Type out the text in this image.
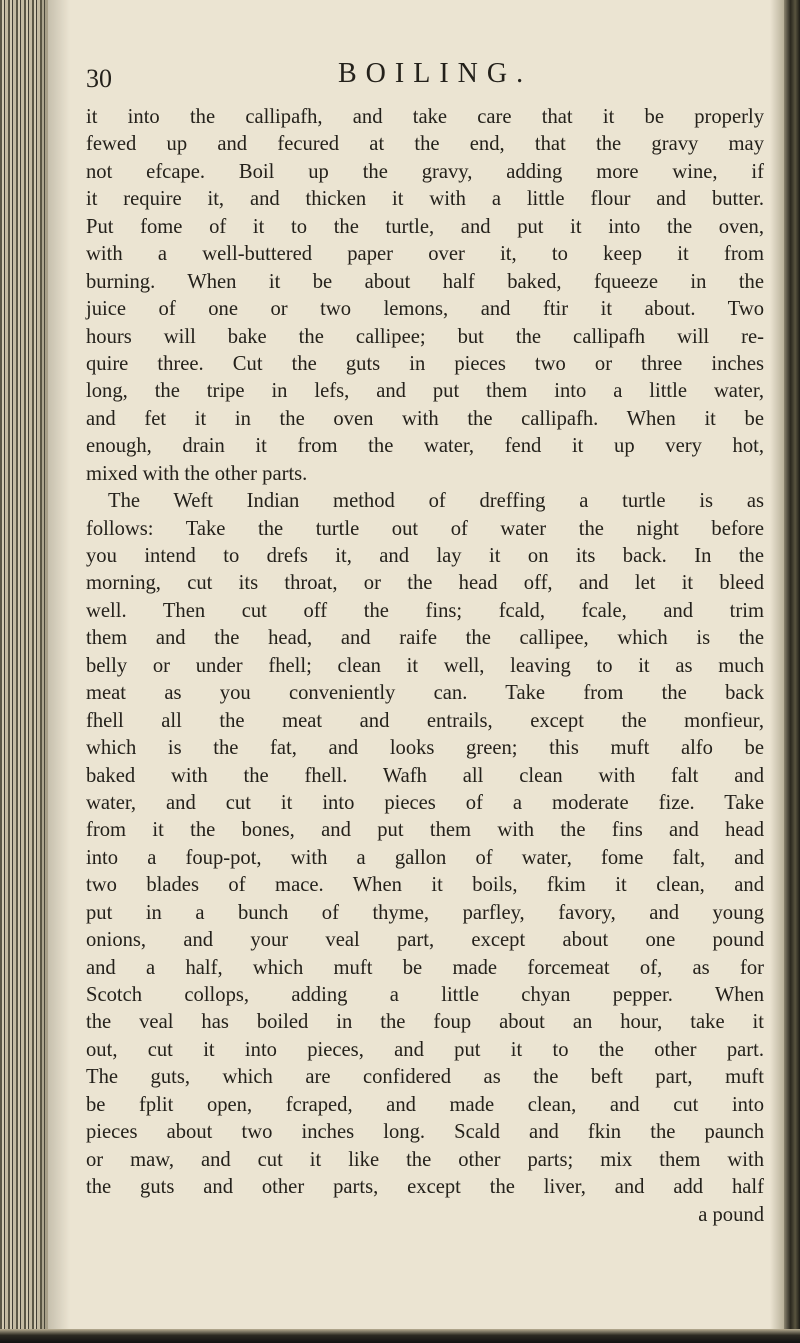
30	BOILING.
it into the callipafh, and take care that it be properly
fewed up and fecured at the end, that the gravy may
not efcape. Boil up the gravy, adding more wine, if
it require it, and thicken it with a little flour and butter.
Put fome of it to the turtle, and put it into the oven,
with a well-buttered paper over it, to keep it from
burning. When it be about half baked, fqueeze in the
juice of one or two lemons, and ftir it about. Two
hours will bake the callipee; but the callipafh will re-
quire three. Cut the guts in pieces two or three inches
long, the tripe in lefs, and put them into a little water,
and fet it in the oven with the callipafh. When it be
enough, drain it from the water, fend it up very hot,
mixed with the other parts.
The Weft Indian method of dreffing a turtle is as
follows: Take the turtle out of water the night before
you intend to drefs it, and lay it on its back. In the
morning, cut its throat, or the head off, and let it bleed
well. Then cut off the fins; fcald, fcale, and trim
them and the head, and raife the callipee, which is the
belly or under fhell; clean it well, leaving to it as much
meat as you conveniently can. Take from the back
fhell all the meat and entrails, except the monfieur,
which is the fat, and looks green; this muft alfo be
baked with the fhell. Wafh all clean with falt and
water, and cut it into pieces of a moderate fize. Take
from it the bones, and put them with the fins and head
into a foup-pot, with a gallon of water, fome falt, and
two blades of mace. When it boils, fkim it clean, and
put in a bunch of thyme, parfley, favory, and young
onions, and your veal part, except about one pound
and a half, which muft be made forcemeat of, as for
Scotch collops, adding a little chyan pepper. When
the veal has boiled in the foup about an hour, take it
out, cut it into pieces, and put it to the other part.
The guts, which are confidered as the beft part, muft
be fplit open, fcraped, and made clean, and cut into
pieces about two inches long. Scald and fkin the paunch
or maw, and cut it like the other parts; mix them with
the guts and other parts, except the liver, and add half
a pound
